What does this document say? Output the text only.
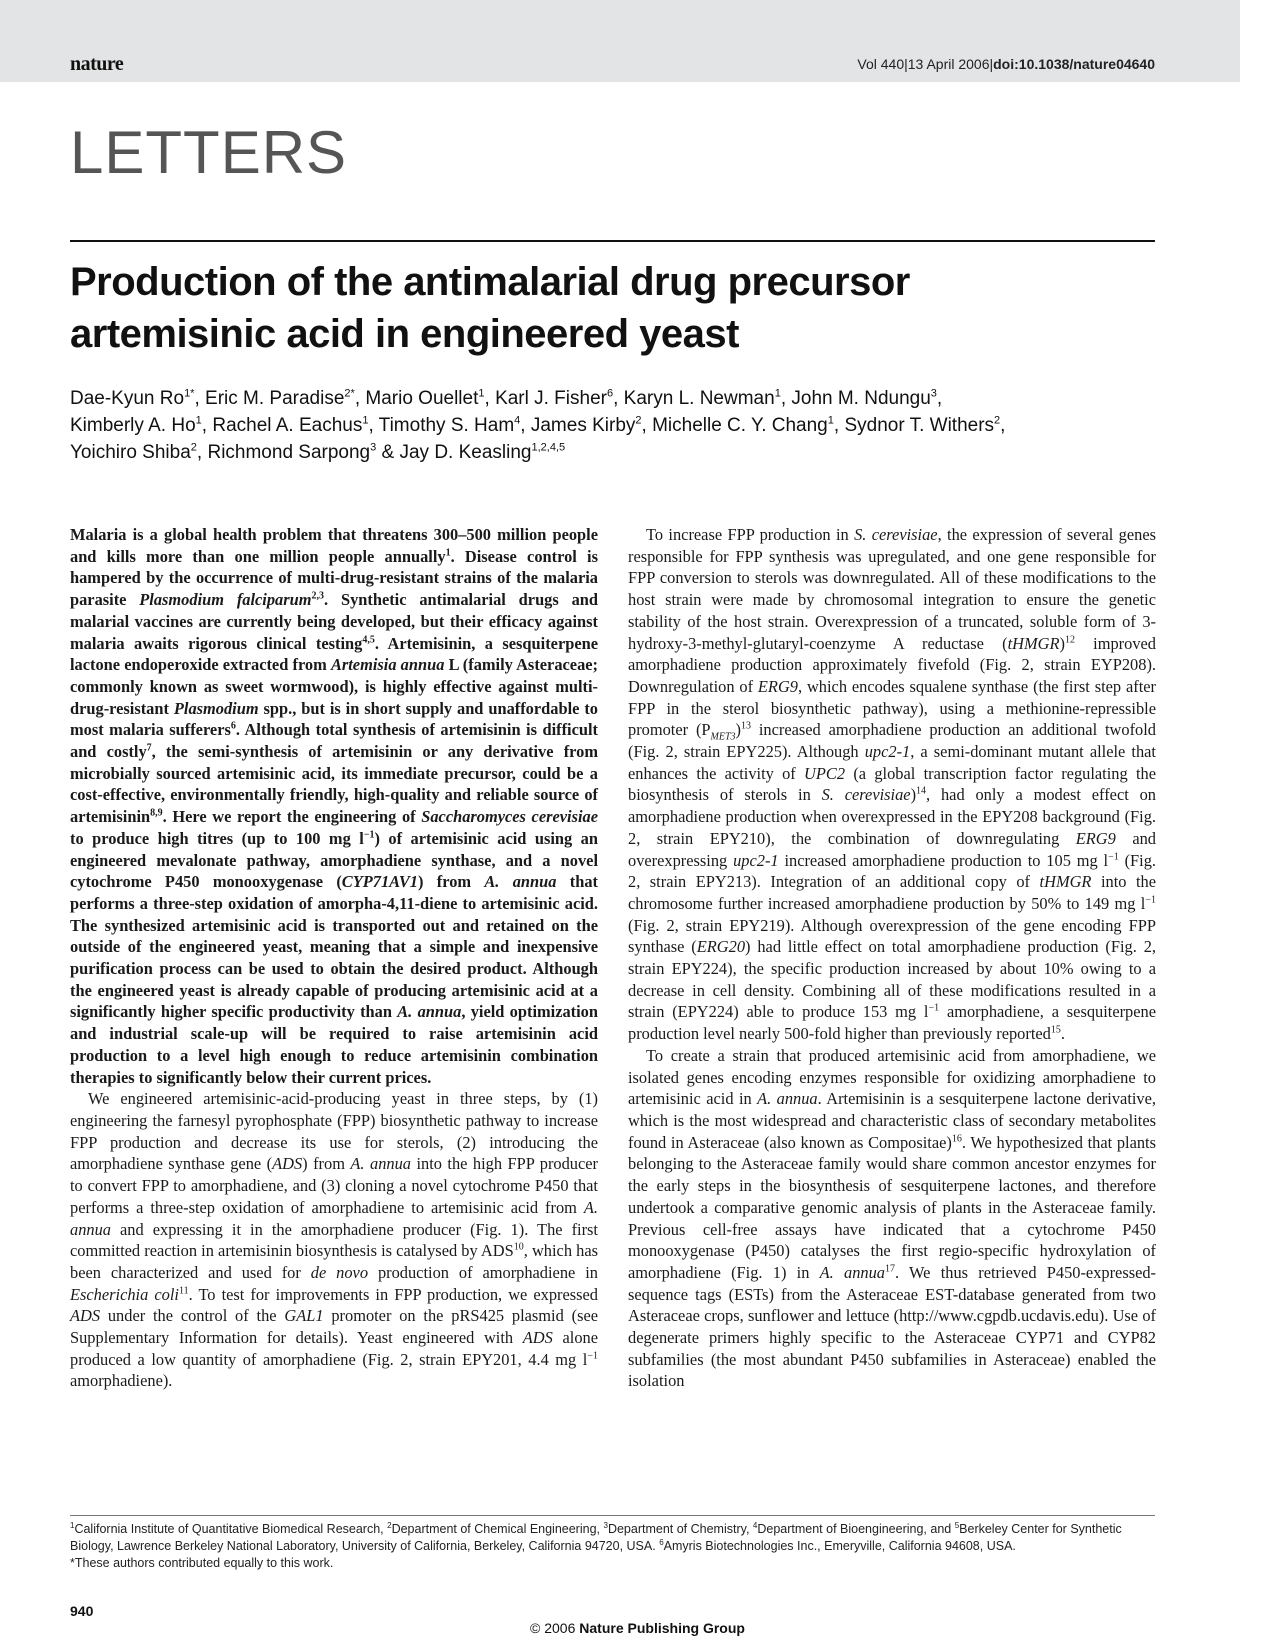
nature	Vol 440|13 April 2006|doi:10.1038/nature04640
LETTERS
Production of the antimalarial drug precursor
artemisinic acid in engineered yeast
Dae-Kyun $Ro^{1*}$, Eric M. Paradise$^{2*}$, Mario Ouellet$^1$, Karl J. Fisher$^6$, Karyn L. Newman$^1$, John M. Ndungu$^3$,
Kimberly A. Ho$^1$, Rachel A. Eachus$^1$, Timothy S. Ham$^4$, James Kirby$^2$, Michelle C. Y. Chang$^1$, Sydnor T. Withers$^2$,
Yoichiro Shiba$^2$, Richmond Sarpong$^3$ & Jay D. Keasling$^{1,2,4,5}$

Malaria is a global health problem that threatens 300–500 million people and kills more than one million people annually$^1$. Disease control is hampered by the occurrence of multi-drug-resistant strains of the malaria parasite Plasmodium falciparum$^{2,3}$. Synthetic antimalarial drugs and malarial vaccines are currently being developed, but their efficacy against malaria awaits rigorous clinical testing$^{4,5}$. Artemisinin, a sesquiterpene lactone endoperoxide extracted from Artemisia annua L (family Asteraceae; commonly known as sweet wormwood), is highly effective against multi-drug-resistant Plasmodium spp., but is in short supply and unaffordable to most malaria sufferers$^6$. Although total synthesis of artemisinin is difficult and costly$^7$, the semi-synthesis of artemisinin or any derivative from microbially sourced artemisinic acid, its immediate precursor, could be a cost-effective, environmentally friendly, high-quality and reliable source of artemisinin$^{8,9}$. Here we report the engineering of Saccharomyces cerevisiae to produce high titres (up to 100 mg $l^{-1}$) of artemisinic acid using an engineered mevalonate pathway, amorphadiene synthase, and a novel cytochrome P450 monooxygenase (CYP71AV1) from A. annua that performs a three-step oxidation of amorpha-4,11-diene to artemisinic acid. The synthesized artemisinic acid is transported out and retained on the outside of the engineered yeast, meaning that a simple and inexpensive purification process can be used to obtain the desired product. Although the engineered yeast is already capable of producing artemisinic acid at a significantly higher specific productivity than A. annua, yield optimization and industrial scale-up will be required to raise artemisinin acid production to a level high enough to reduce artemisinin combination therapies to significantly below their current prices.

We engineered artemisinic-acid-producing yeast in three steps, by (1) engineering the farnesyl pyrophosphate (FPP) biosynthetic pathway to increase FPP production and decrease its use for sterols, (2) introducing the amorphadiene synthase gene (ADS) from A. annua into the high FPP producer to convert FPP to amorphadiene, and (3) cloning a novel cytochrome P450 that performs a three-step oxidation of amorphadiene to artemisinic acid from A. annua and expressing it in the amorphadiene producer (Fig. 1). The first committed reaction in artemisinin biosynthesis is catalysed by ADS$^{10}$, which has been characterized and used for de novo production of amorphadiene in Escherichia coli$^{11}$. To test for improvements in FPP production, we expressed ADS under the control of the GAL1 promoter on the pRS425 plasmid (see Supplementary Information for details). Yeast engineered with ADS alone produced a low quantity of amorphadiene (Fig. 2, strain EPY201, 4.4 mg $l^{-1}$ amorphadiene).

To increase FPP production in S. cerevisiae, the expression of several genes responsible for FPP synthesis was upregulated, and one gene responsible for FPP conversion to sterols was downregulated. All of these modifications to the host strain were made by chromosomal integration to ensure the genetic stability of the host strain. Overexpression of a truncated, soluble form of 3-hydroxy-3-methyl-glutaryl-coenzyme A reductase (tHMGR)$^{12}$ improved amorphadiene production approximately fivefold (Fig. 2, strain EYP208). Downregulation of ERG9, which encodes squalene synthase (the first step after FPP in the sterol biosynthetic pathway), using a methionine-repressible promoter $(P_{MET3})^{13}$ increased amorphadiene production an additional twofold (Fig. 2, strain EPY225). Although upc2-1, a semi-dominant mutant allele that enhances the activity of UPC2 (a global transcription factor regulating the biosynthesis of sterols in S. cerevisiae)$^{14}$, had only a modest effect on amorphadiene production when overexpressed in the EPY208 background (Fig. 2, strain EPY210), the combination of downregulating ERG9 and overexpressing upc2-1 increased amorphadiene production to 105 mg $l^{-1}$ (Fig. 2, strain EPY213). Integration of an additional copy of tHMGR into the chromosome further increased amorphadiene production by 50% to 149 mg $l^{-1}$ (Fig. 2, strain EPY219). Although overexpression of the gene encoding FPP synthase (ERG20) had little effect on total amorphadiene production (Fig. 2, strain EPY224), the specific production increased by about 10% owing to a decrease in cell density. Combining all of these modifications resulted in a strain (EPY224) able to produce 153 mg $l^{-1}$ amorphadiene, a sesquiterpene production level nearly 500-fold higher than previously reported$^{15}$.

To create a strain that produced artemisinic acid from amorphadiene, we isolated genes encoding enzymes responsible for oxidizing amorphadiene to artemisinic acid in A. annua. Artemisinin is a sesquiterpene lactone derivative, which is the most widespread and characteristic class of secondary metabolites found in Asteraceae (also known as Compositae)$^{16}$. We hypothesized that plants belonging to the Asteraceae family would share common ancestor enzymes for the early steps in the biosynthesis of sesquiterpene lactones, and therefore undertook a comparative genomic analysis of plants in the Asteraceae family. Previous cell-free assays have indicated that a cytochrome P450 monooxygenase (P450) catalyses the first regio-specific hydroxylation of amorphadiene (Fig. 1) in A. annua$^{17}$. We thus retrieved P450-expressed-sequence tags (ESTs) from the Asteraceae EST-database generated from two Asteraceae crops, sunflower and lettuce (http://www.cgpdb.ucdavis.edu). Use of degenerate primers highly specific to the Asteraceae CYP71 and CYP82 subfamilies (the most abundant P450 subfamilies in Asteraceae) enabled the isolation

$^1$California Institute of Quantitative Biomedical Research, $^2$Department of Chemical Engineering, $^3$Department of Chemistry, $^4$Department of Bioengineering, and $^5$Berkeley Center for Synthetic Biology, Lawrence Berkeley National Laboratory, University of California, Berkeley, California 94720, USA. $^6$Amyris Biotechnologies Inc., Emeryville, California 94608, USA.

*These authors contributed equally to this work.

940
© 2006 Nature Publishing Group
